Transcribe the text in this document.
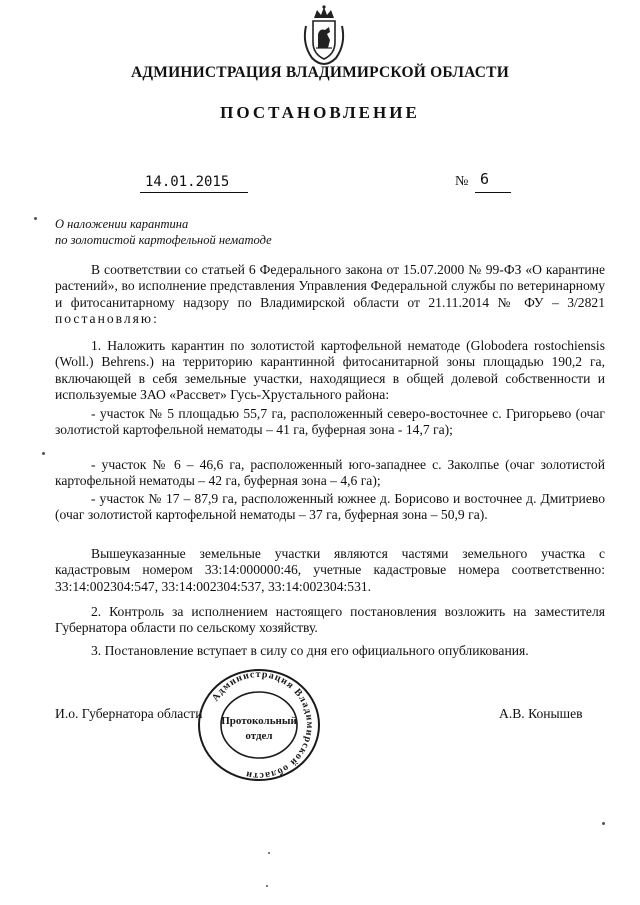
АДМИНИСТРАЦИЯ ВЛАДИМИРСКОЙ ОБЛАСТИ
ПОСТАНОВЛЕНИЕ
14.01.2015	№ 6
О наложении карантина
по золотистой картофельной нематоде

В соответствии со статьей 6 Федерального закона от 15.07.2000 № 99-ФЗ «О карантине растений», во исполнение представления Управления Федеральной службы по ветеринарному и фитосанитарному надзору по Владимирской области от 21.11.2014 № ФУ – 3/2821 постановляю:

1. Наложить карантин по золотистой картофельной нематоде (Globodera rostochiensis (Woll.) Behrens.) на территорию карантинной фитосанитарной зоны площадью 190,2 га, включающей в себя земельные участки, находящиеся в общей долевой собственности и используемые ЗАО «Рассвет» Гусь-Хрустального района:

- участок № 5 площадью 55,7 га, расположенный северо-восточнее с. Григорьево (очаг золотистой картофельной нематоды – 41 га, буферная зона - 14,7 га);

- участок № 6 – 46,6 га, расположенный юго-западнее с. Заколпье (очаг золотистой картофельной нематоды – 42 га, буферная зона – 4,6 га);

- участок № 17 – 87,9 га, расположенный южнее д. Борисово и восточнее д. Дмитриево (очаг золотистой картофельной нематоды – 37 га, буферная зона – 50,9 га).

Вышеуказанные земельные участки являются частями земельного участка с кадастровым номером 33:14:000000:46, учетные кадастровые номера соответственно: 33:14:002304:547, 33:14:002304:537, 33:14:002304:531.

2. Контроль за исполнением настоящего постановления возложить на заместителя Губернатора области по сельскому хозяйству.

3. Постановление вступает в силу со дня его официального опубликования.

И.о. Губернатора области	А.В. Конышев
Администрация Владимирской области
Протокольный
отдел
